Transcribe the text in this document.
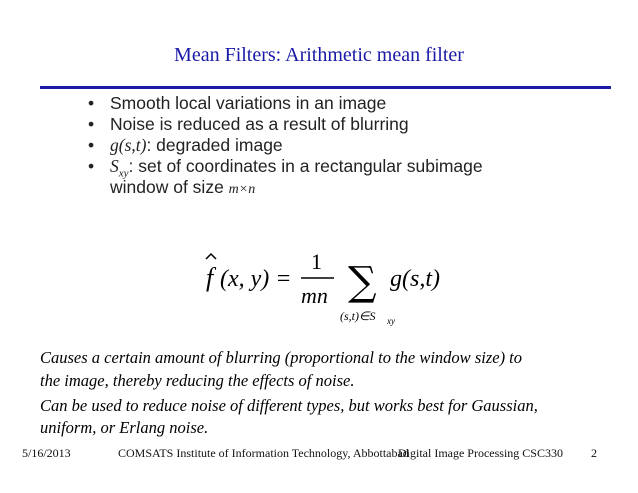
Mean Filters: Arithmetic mean filter
• Smooth local variations in an image
• Noise is reduced as a result of blurring
• g(s,t): degraded image
• $S_{xy}$: set of coordinates in a rectangular subimage
window of size m×n
f (x, y) =
1
mn ∑
(s,t)∈S xy
g(s,t)
Causes a certain amount of blurring (proportional to the window size) to
the image, thereby reducing the effects of noise.
Can be used to reduce noise of different types, but works best for Gaussian,
uniform, or Erlang noise.
5/16/2013	COMSATS Institute of Information Technology, Abbottabad
Digital Image Processing CSC330 2
